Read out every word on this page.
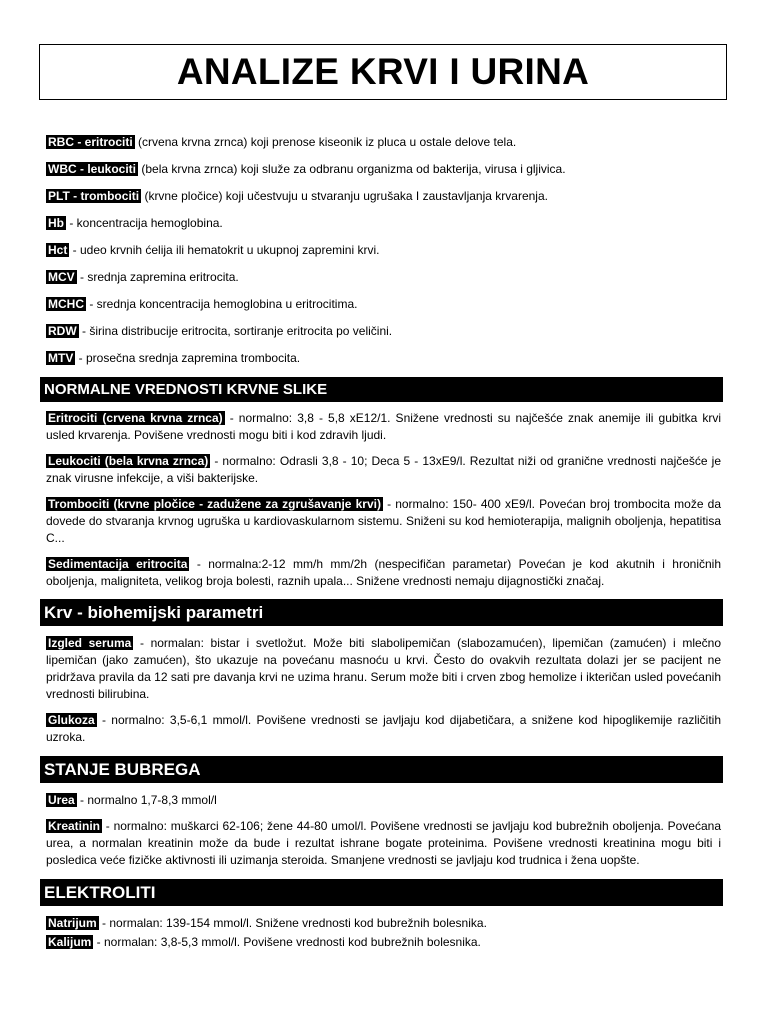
ANALIZE KRVI I URINA

RBC - eritrociti (crvena krvna zrnca) koji prenose kiseonik iz pluca u ostale delove tela.

WBC - leukociti (bela krvna zrnca) koji služe za odbranu organizma od bakterija, virusa i gljivica.

PLT - trombociti (krvne pločice) koji učestvuju u stvaranju ugrušaka I zaustavljanja krvarenja.

Hb - koncentracija hemoglobina.

Hct - udeo krvnih ćelija ili hematokrit u ukupnoj zapremini krvi.

MCV - srednja zapremina eritrocita.

MCHC - srednja koncentracija hemoglobina u eritrocitima.

RDW - širina distribucije eritrocita, sortiranje eritrocita po veličini.

MTV - prosečna srednja zapremina trombocita.

NORMALNE VREDNOSTI KRVNE SLIKE

Eritrociti (crvena krvna zrnca) - normalno: 3,8 - 5,8 xE12/1. Snižene vrednosti su najčešće znak anemije ili gubitka krvi usled krvarenja. Povišene vrednosti mogu biti i kod zdravih ljudi.

Leukociti (bela krvna zrnca) - normalno: Odrasli 3,8 - 10; Deca 5 - 13xE9/l. Rezultat niži od granične vrednosti najčešće je znak virusne infekcije, a viši bakterijske.

Trombociti (krvne pločice - zadužene za zgrušavanje krvi) - normalno: 150- 400 xE9/l. Povećan broj trombocita može da dovede do stvaranja krvnog ugruška u kardiovaskularnom sistemu. Sniženi su kod hemioterapija, malignih oboljenja, hepatitisa C...

Sedimentacija eritrocita - normalna:2-12 mm/h mm/2h (nespecifičan parametar) Povećan je kod akutnih i hroničnih oboljenja, maligniteta, velikog broja bolesti, raznih upala... Snižene vrednosti nemaju dijagnostički značaj.

Krv - biohemijski parametri

Izgled seruma - normalan: bistar i svetložut. Može biti slabolipemičan (slabozamućen), lipemičan (zamućen) i mlečno lipemičan (jako zamućen), što ukazuje na povećanu masnoću u krvi. Često do ovakvih rezultata dolazi jer se pacijent ne pridržava pravila da 12 sati pre davanja krvi ne uzima hranu. Serum može biti i crven zbog hemolize i ikteričan usled povećanih vrednosti bilirubina.

Glukoza - normalno: 3,5-6,1 mmol/l. Povišene vrednosti se javljaju kod dijabetičara, a snižene kod hipoglikemije različitih uzroka.

STANJE BUBREGA

Urea - normalno 1,7-8,3 mmol/l

Kreatinin - normalno: muškarci 62-106; žene 44-80 umol/l. Povišene vrednosti se javljaju kod bubrežnih oboljenja. Povećana urea, a normalan kreatinin može da bude i rezultat ishrane bogate proteinima. Povišene vrednosti kreatinina mogu biti i posledica veće fizičke aktivnosti ili uzimanja steroida. Smanjene vrednosti se javljaju kod trudnica i žena uopšte.

ELEKTROLITI

Natrijum - normalan: 139-154 mmol/l. Snižene vrednosti kod bubrežnih bolesnika.

Kalijum - normalan: 3,8-5,3 mmol/l. Povišene vrednosti kod bubrežnih bolesnika.
